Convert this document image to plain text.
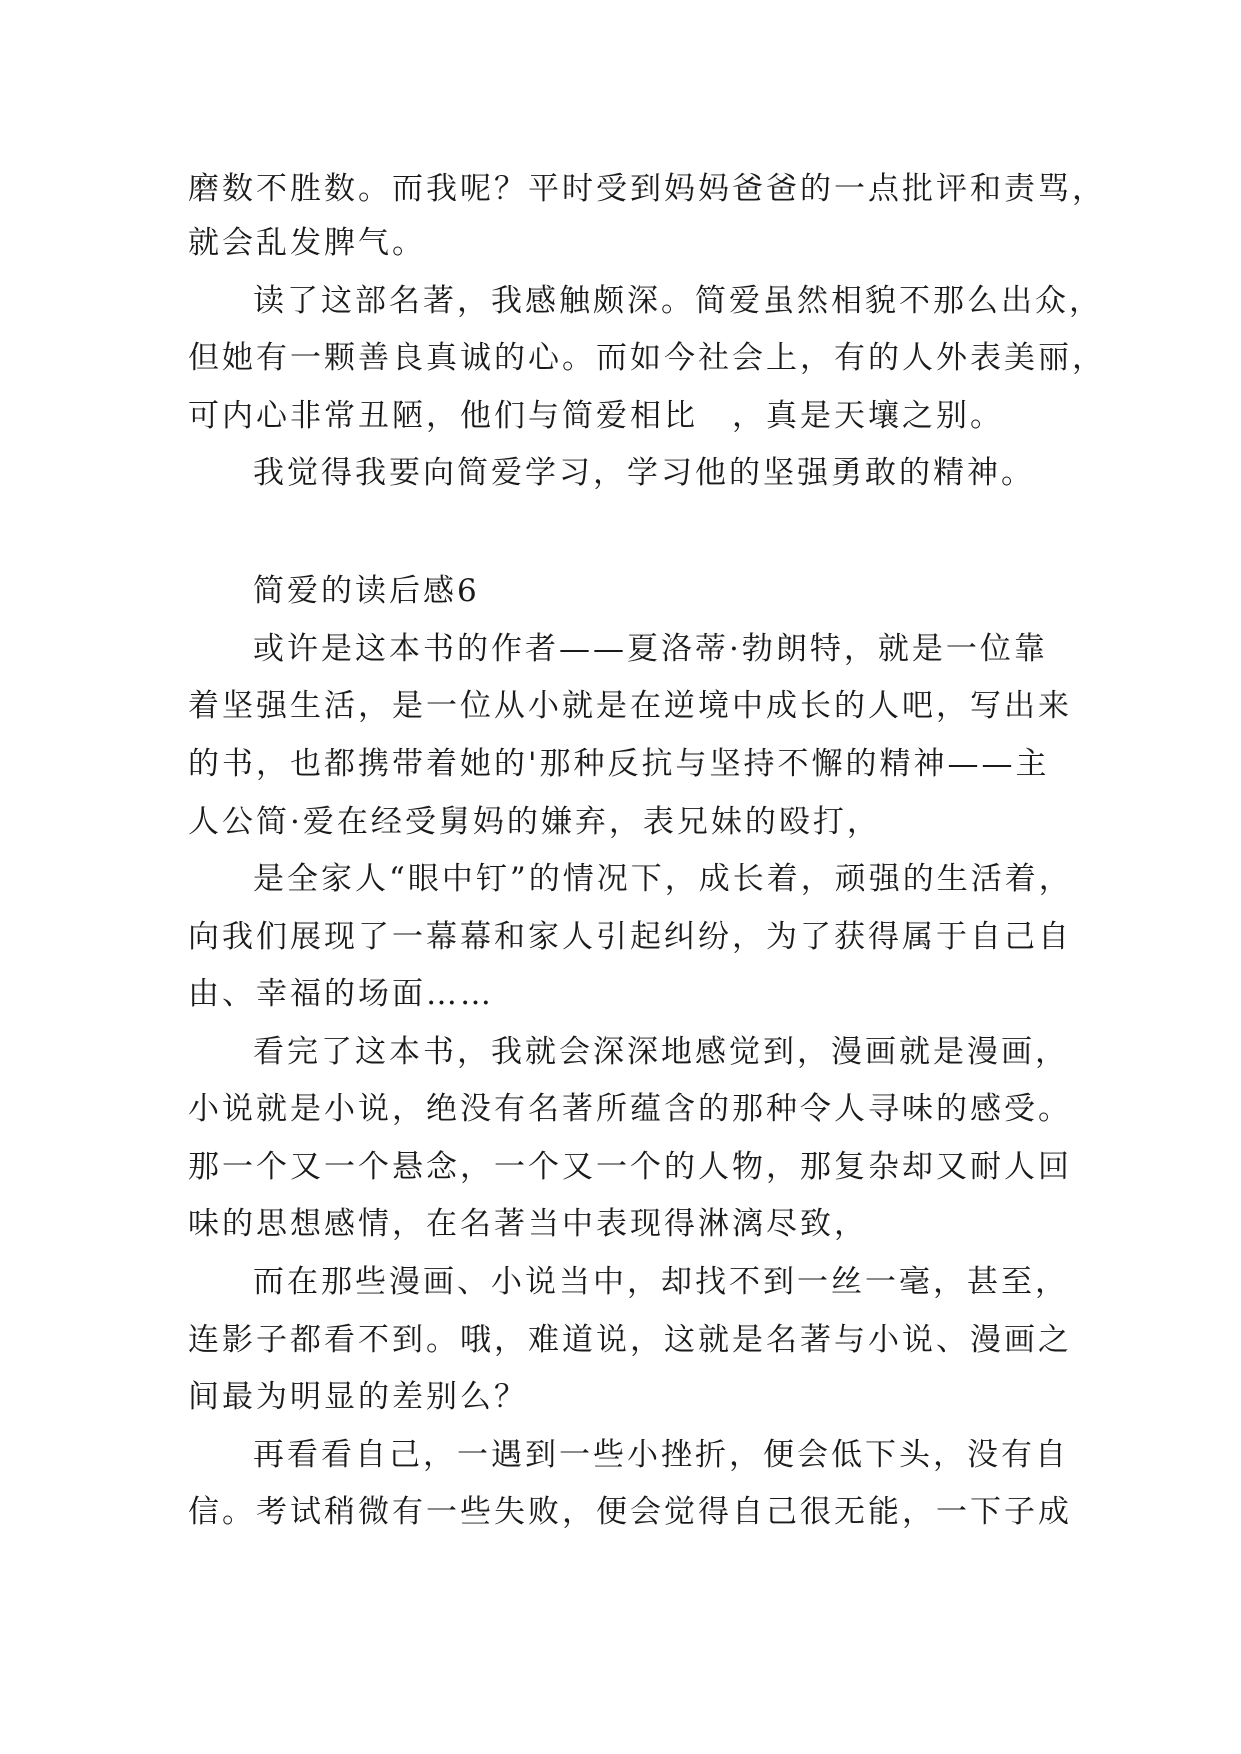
磨数不胜数。而我呢？平时受到妈妈爸爸的一点批评和责骂，
就会乱发脾气。
读了这部名著，我感触颇深。简爱虽然相貌不那么出众，
但她有一颗善良真诚的心。而如今社会上，有的人外表美丽，
可内心非常丑陋，他们与简爱相比　，真是天壤之别。
我觉得我要向简爱学习，学习他的坚强勇敢的精神。
简爱的读后感6
或许是这本书的作者——夏洛蒂·勃朗特，就是一位靠
着坚强生活，是一位从小就是在逆境中成长的人吧，写出来
的书，也都携带着她的'那种反抗与坚持不懈的精神——主
人公简·爱在经受舅妈的嫌弃，表兄妹的殴打，
是全家人“眼中钉”的情况下，成长着，顽强的生活着，
向我们展现了一幕幕和家人引起纠纷，为了获得属于自己自
由、幸福的场面……
看完了这本书，我就会深深地感觉到，漫画就是漫画，
小说就是小说，绝没有名著所蕴含的那种令人寻味的感受。
那一个又一个悬念，一个又一个的人物，那复杂却又耐人回
味的思想感情，在名著当中表现得淋漓尽致，
而在那些漫画、小说当中，却找不到一丝一毫，甚至，
连影子都看不到。哦，难道说，这就是名著与小说、漫画之
间最为明显的差别么？
再看看自己，一遇到一些小挫折，便会低下头，没有自
信。考试稍微有一些失败，便会觉得自己很无能，一下子成
